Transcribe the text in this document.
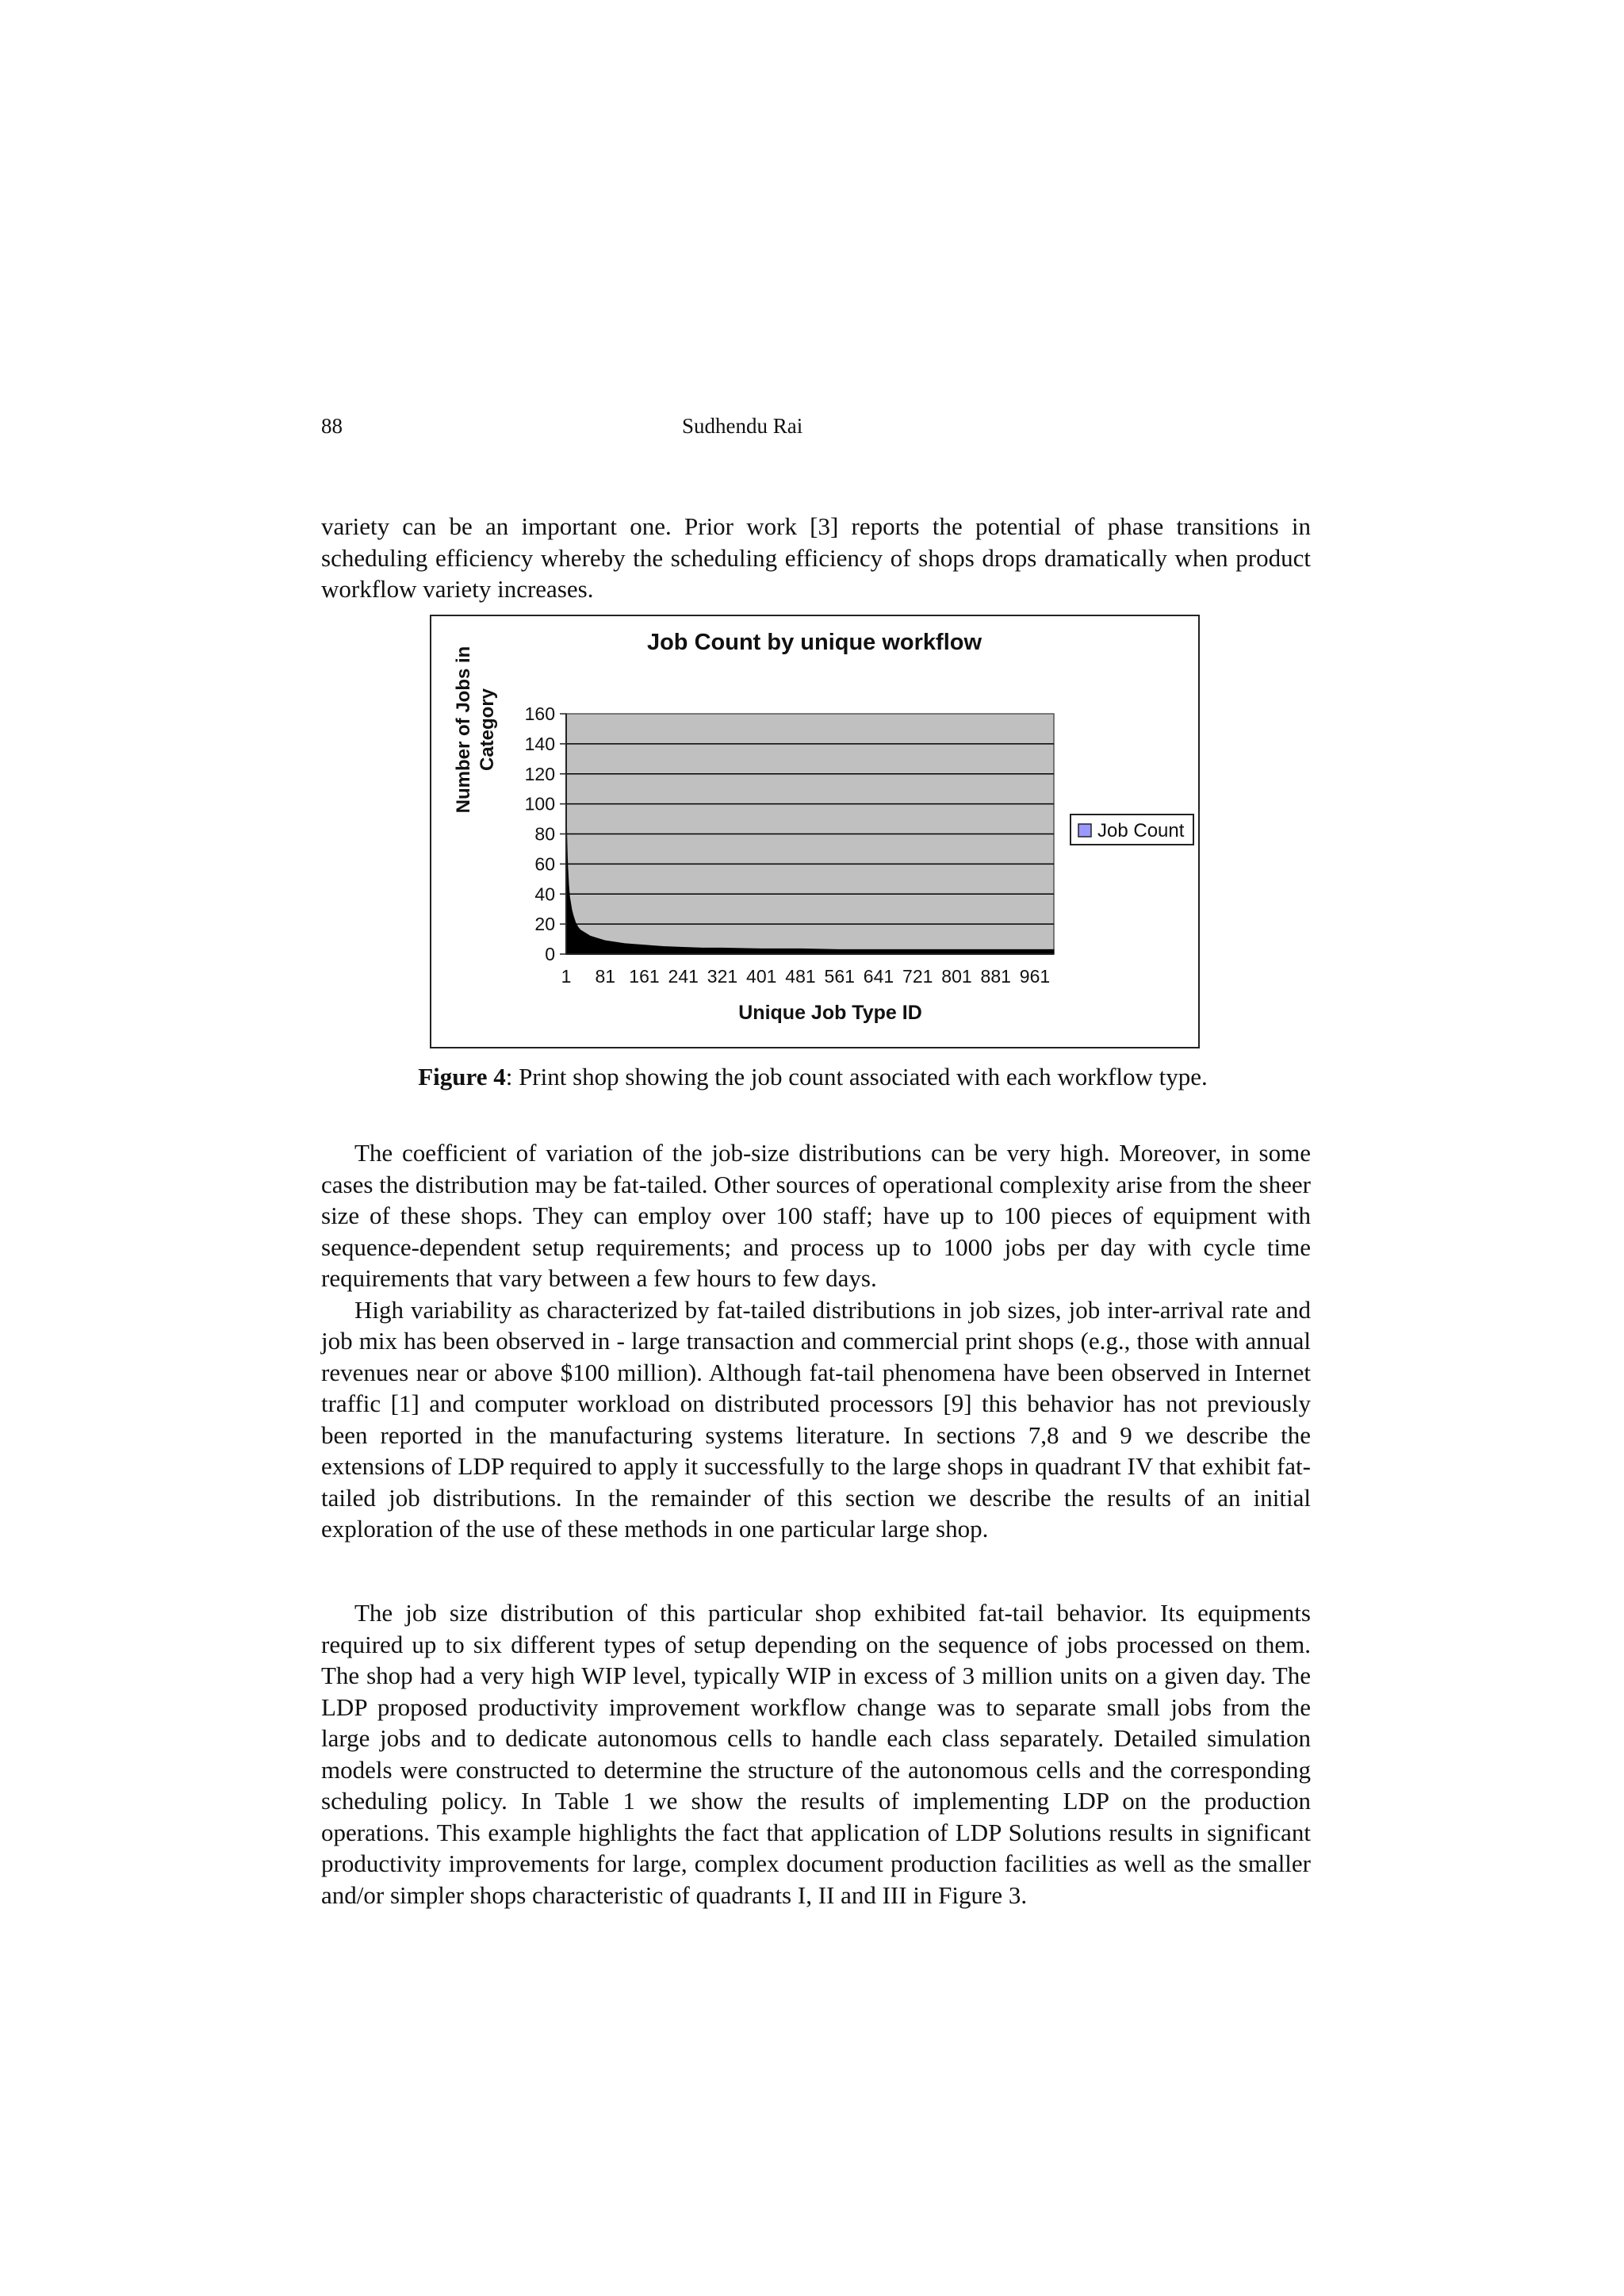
88	Sudhendu Rai

variety can be an important one. Prior work [3] reports the potential of phase transitions in scheduling efficiency whereby the scheduling efficiency of shops drops dramatically when product workflow variety increases.

Job Count by unique workflow
0
20
40
60
80
100
120
140
160
1 81 161 241 321 401 481 561 641 721 801 881 961
Number of Jobs in Category
Unique Job Type ID
Job Count
Figure 4: Print shop showing the job count associated with each workflow type.

The coefficient of variation of the job-size distributions can be very high. Moreover, in some cases the distribution may be fat-tailed. Other sources of operational complexity arise from the sheer size of these shops. They can employ over 100 staff; have up to 100 pieces of equipment with sequence-dependent setup requirements; and process up to 1000 jobs per day with cycle time requirements that vary between a few hours to few days.

High variability as characterized by fat-tailed distributions in job sizes, job inter-arrival rate and job mix has been observed in - large transaction and commercial print shops (e.g., those with annual revenues near or above $100 million). Although fat-tail phenomena have been observed in Internet traffic [1] and computer workload on distributed processors [9] this behavior has not previously been reported in the manufacturing systems literature. In sections 7,8 and 9 we describe the extensions of LDP required to apply it successfully to the large shops in quadrant IV that exhibit fat-tailed job distributions. In the remainder of this section we describe the results of an initial exploration of the use of these methods in one particular large shop.

The job size distribution of this particular shop exhibited fat-tail behavior. Its equipments required up to six different types of setup depending on the sequence of jobs processed on them. The shop had a very high WIP level, typically WIP in excess of 3 million units on a given day. The LDP proposed productivity improvement workflow change was to separate small jobs from the large jobs and to dedicate autonomous cells to handle each class separately. Detailed simulation models were constructed to determine the structure of the autonomous cells and the corresponding scheduling policy. In Table 1 we show the results of implementing LDP on the production operations. This example highlights the fact that application of LDP Solutions results in significant productivity improvements for large, complex document production facilities as well as the smaller and/or simpler shops characteristic of quadrants I, II and III in Figure 3.
